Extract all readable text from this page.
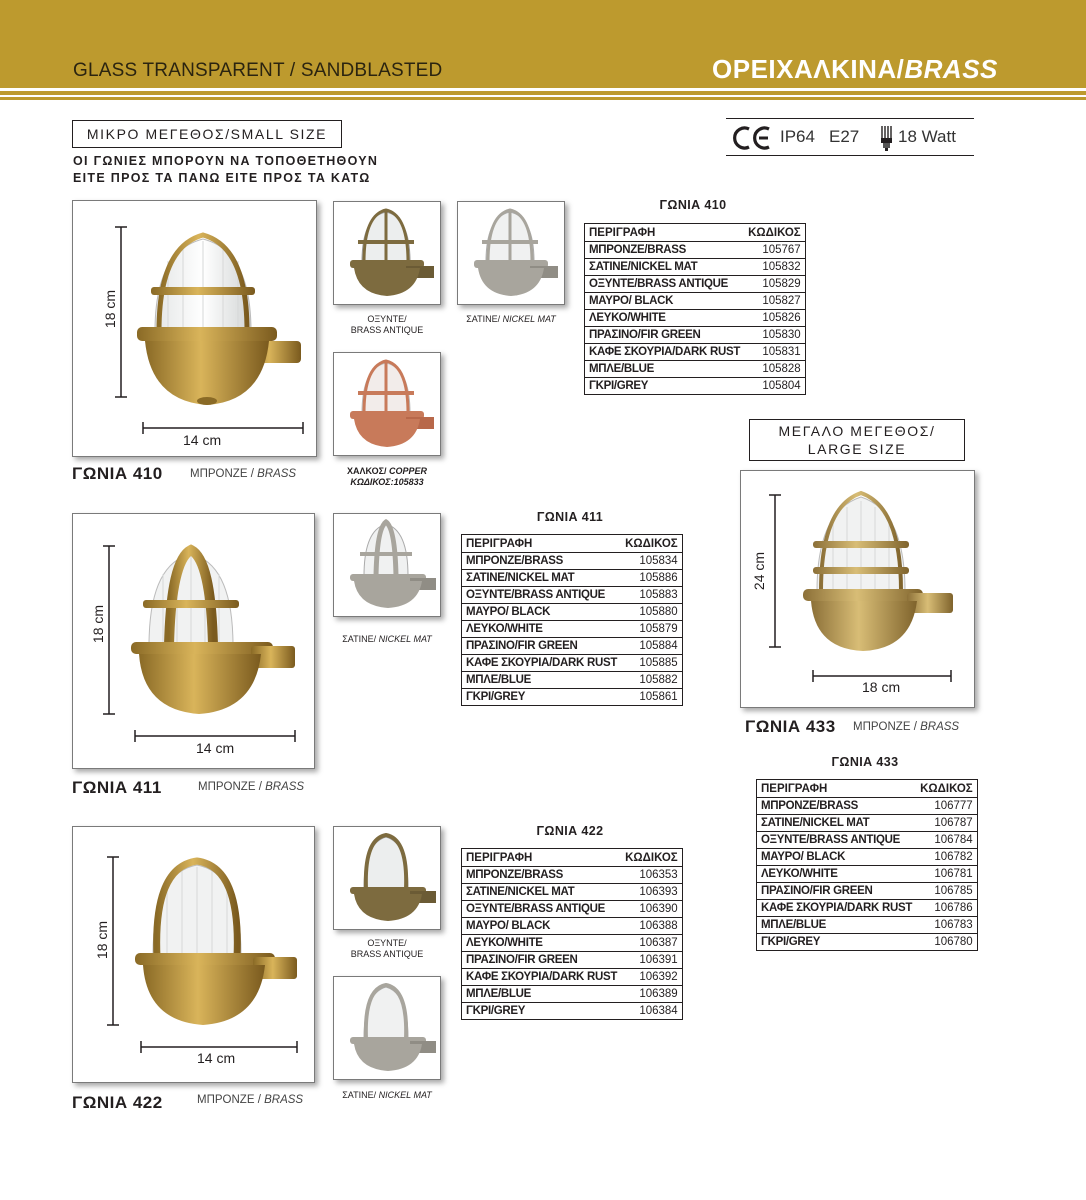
GLASS TRANSPARENT / SANDBLASTED	ΟΡΕΙΧΑΛΚΙΝΑ/BRASS
ΜΙΚΡΟ ΜΕΓΕΘΟΣ/SMALL SIZE
ΟΙ ΓΩΝΙΕΣ ΜΠΟΡΟΥΝ ΝΑ ΤΟΠΟΘΕΤΗΘΟΥΝ
ΕΙΤΕ ΠΡΟΣ ΤΑ ΠΑΝΩ ΕΙΤΕ ΠΡΟΣ ΤΑ ΚΑΤΩ
IP64 E27 18 Watt
18 cm
14 cm
ΓΩΝΙΑ 410 ΜΠΡΟΝΖΕ / BRASS
ΟΞΥΝΤΕ/
BRASS ANTIQUE
ΣΑΤΙΝΕ/ NICKEL MAT
ΧΑΛΚΟΣ/ COPPER
ΚΩΔΙΚΟΣ:105833
ΓΩΝΙΑ 410
ΠΕΡΙΓΡΑΦΗ	ΚΩΔΙΚΟΣ
ΜΠΡΟΝΖΕ/BRASS	105767
ΣΑΤΙΝΕ/NICKEL MAT	105832
ΟΞΥΝΤΕ/BRASS ANTIQUE	105829
ΜΑΥΡΟ/ BLACK	105827
ΛΕΥΚΟ/WHITE	105826
ΠΡΑΣΙΝΟ/FIR GREEN	105830
ΚΑΦΕ ΣΚΟΥΡΙΑ/DARK RUST	105831
ΜΠΛΕ/BLUE	105828
ΓΚΡΙ/GREY	105804
ΜΕΓΑΛΟ ΜΕΓΕΘΟΣ/
LARGE SIZE
24 cm
18 cm
ΓΩΝΙΑ 433 ΜΠΡΟΝΖΕ / BRASS
ΓΩΝΙΑ 433
ΠΕΡΙΓΡΑΦΗ	ΚΩΔΙΚΟΣ
ΜΠΡΟΝΖΕ/BRASS	106777
ΣΑΤΙΝΕ/NICKEL MAT	106787
ΟΞΥΝΤΕ/BRASS ANTIQUE	106784
ΜΑΥΡΟ/ BLACK	106782
ΛΕΥΚΟ/WHITE	106781
ΠΡΑΣΙΝΟ/FIR GREEN	106785
ΚΑΦΕ ΣΚΟΥΡΙΑ/DARK RUST	106786
ΜΠΛΕ/BLUE	106783
ΓΚΡΙ/GREY	106780
18 cm
14 cm
ΓΩΝΙΑ 411	ΜΠΡΟΝΖΕ / BRASS
ΣΑΤΙΝΕ/ NICKEL MAT
ΓΩΝΙΑ 411
ΠΕΡΙΓΡΑΦΗ	ΚΩΔΙΚΟΣ
ΜΠΡΟΝΖΕ/BRASS	105834
ΣΑΤΙΝΕ/NICKEL MAT	105886
ΟΞΥΝΤΕ/BRASS ANTIQUE	105883
ΜΑΥΡΟ/ BLACK	105880
ΛΕΥΚΟ/WHITE	105879
ΠΡΑΣΙΝΟ/FIR GREEN	105884
ΚΑΦΕ ΣΚΟΥΡΙΑ/DARK RUST	105885
ΜΠΛΕ/BLUE	105882
ΓΚΡΙ/GREY	105861
18 cm
14 cm
ΓΩΝΙΑ 422	ΜΠΡΟΝΖΕ / BRASS
ΟΞΥΝΤΕ/
BRASS ANTIQUE
ΣΑΤΙΝΕ/ NICKEL MAT
ΓΩΝΙΑ 422
ΠΕΡΙΓΡΑΦΗ	ΚΩΔΙΚΟΣ
ΜΠΡΟΝΖΕ/BRASS	106353
ΣΑΤΙΝΕ/NICKEL MAT	106393
ΟΞΥΝΤΕ/BRASS ANTIQUE	106390
ΜΑΥΡΟ/ BLACK	106388
ΛΕΥΚΟ/WHITE	106387
ΠΡΑΣΙΝΟ/FIR GREEN	106391
ΚΑΦΕ ΣΚΟΥΡΙΑ/DARK RUST	106392
ΜΠΛΕ/BLUE	106389
ΓΚΡΙ/GREY	106384
